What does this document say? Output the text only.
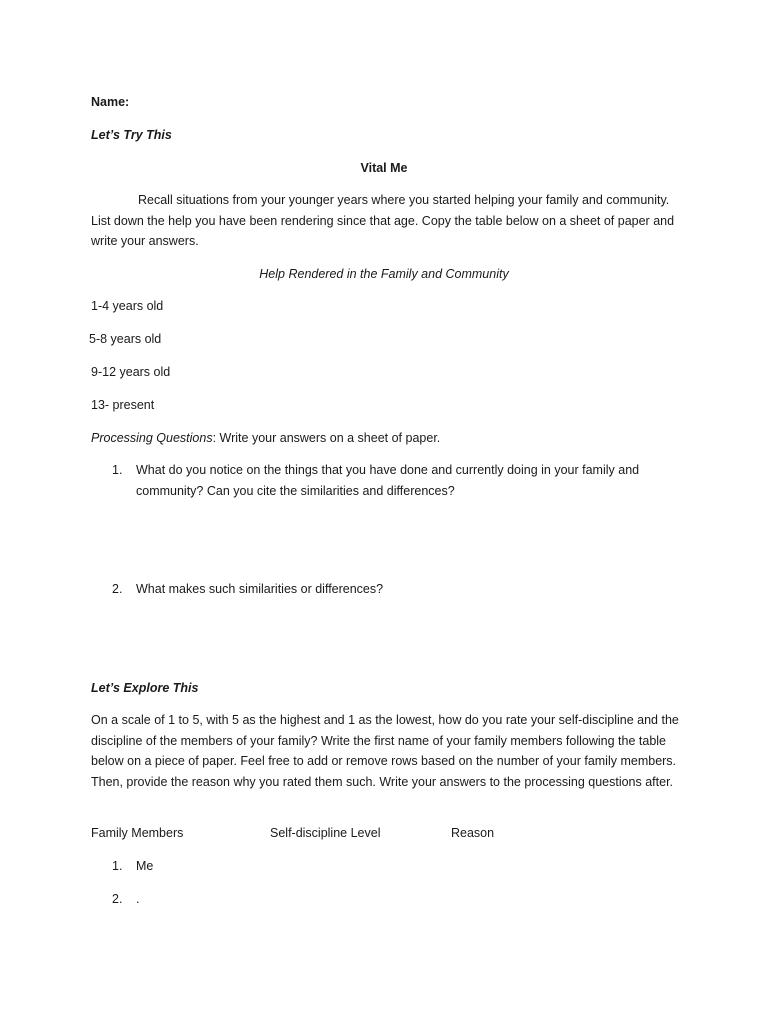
Name:
Let’s Try This
Vital Me
Recall situations from your younger years where you started helping your family and community. List down the help you have been rendering since that age. Copy the table below on a sheet of paper and write your answers.
Help Rendered in the Family and Community
1-4 years old
5-8 years old
9-12 years old
13- present
Processing Questions: Write your answers on a sheet of paper.
1.	What do you notice on the things that you have done and currently doing in your family and community? Can you cite the similarities and differences?
2.	What makes such similarities or differences?
Let’s Explore This
On a scale of 1 to 5, with 5 as the highest and 1 as the lowest, how do you rate your self-discipline and the discipline of the members of your family? Write the first name of your family members following the table below on a piece of paper. Feel free to add or remove rows based on the number of your family members. Then, provide the reason why you rated them such. Write your answers to the processing questions after.
Family Members	Self-discipline Level	Reason
1.	Me
2.	.
